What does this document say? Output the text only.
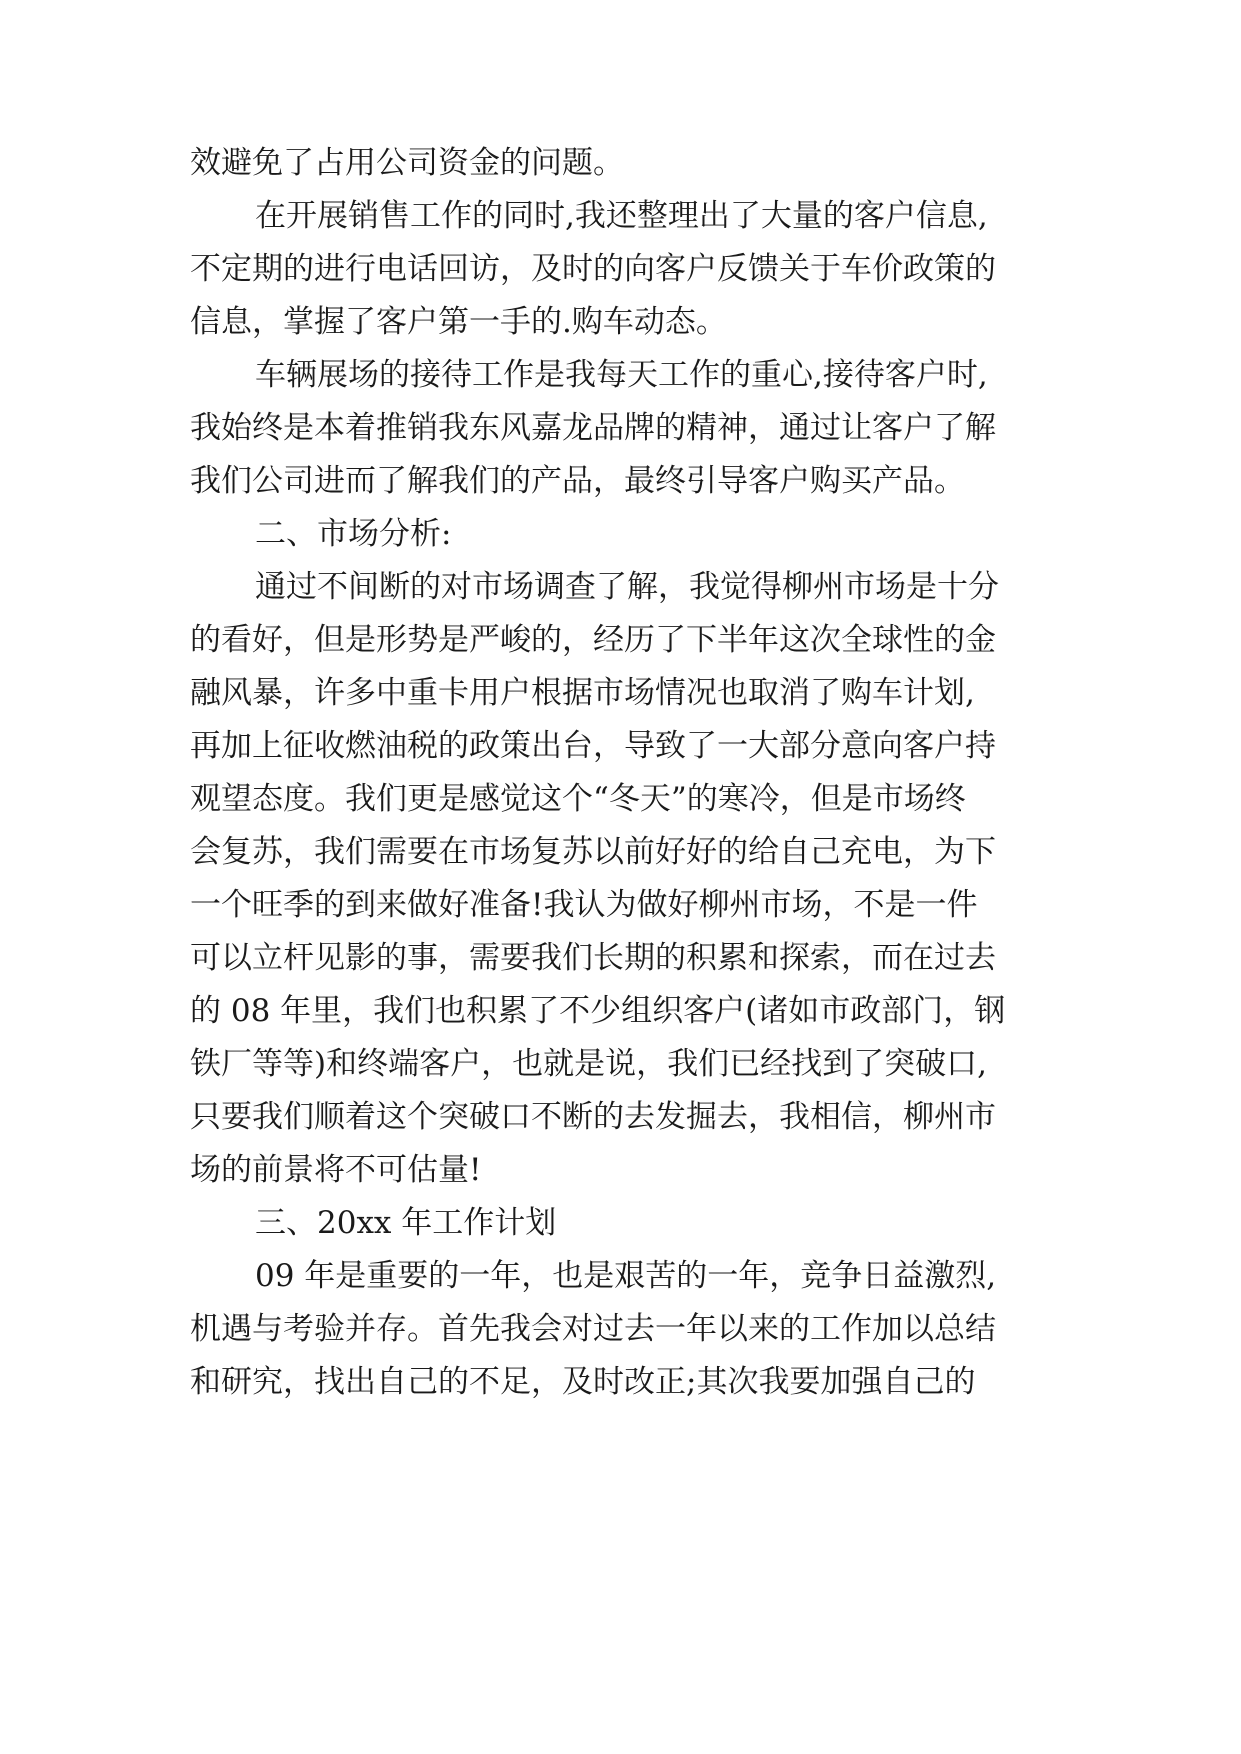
效避免了占用公司资金的问题。
在开展销售工作的同时,我还整理出了大量的客户信息,
不定期的进行电话回访，及时的向客户反馈关于车价政策的
信息，掌握了客户第一手的.购车动态。
车辆展场的接待工作是我每天工作的重心,接待客户时,
我始终是本着推销我东风嘉龙品牌的精神，通过让客户了解
我们公司进而了解我们的产品，最终引导客户购买产品。
二、市场分析:
通过不间断的对市场调查了解，我觉得柳州市场是十分
的看好，但是形势是严峻的，经历了下半年这次全球性的金
融风暴，许多中重卡用户根据市场情况也取消了购车计划,
再加上征收燃油税的政策出台，导致了一大部分意向客户持
观望态度。我们更是感觉这个“冬天”的寒冷，但是市场终
会复苏，我们需要在市场复苏以前好好的给自己充电，为下
一个旺季的到来做好准备!我认为做好柳州市场，不是一件
可以立杆见影的事，需要我们长期的积累和探索，而在过去
的 08 年里，我们也积累了不少组织客户(诸如市政部门，钢
铁厂等等)和终端客户，也就是说，我们已经找到了突破口,
只要我们顺着这个突破口不断的去发掘去，我相信，柳州市
场的前景将不可估量!
三、20xx 年工作计划
09 年是重要的一年，也是艰苦的一年，竞争日益激烈,
机遇与考验并存。首先我会对过去一年以来的工作加以总结
和研究，找出自己的不足，及时改正;其次我要加强自己的
